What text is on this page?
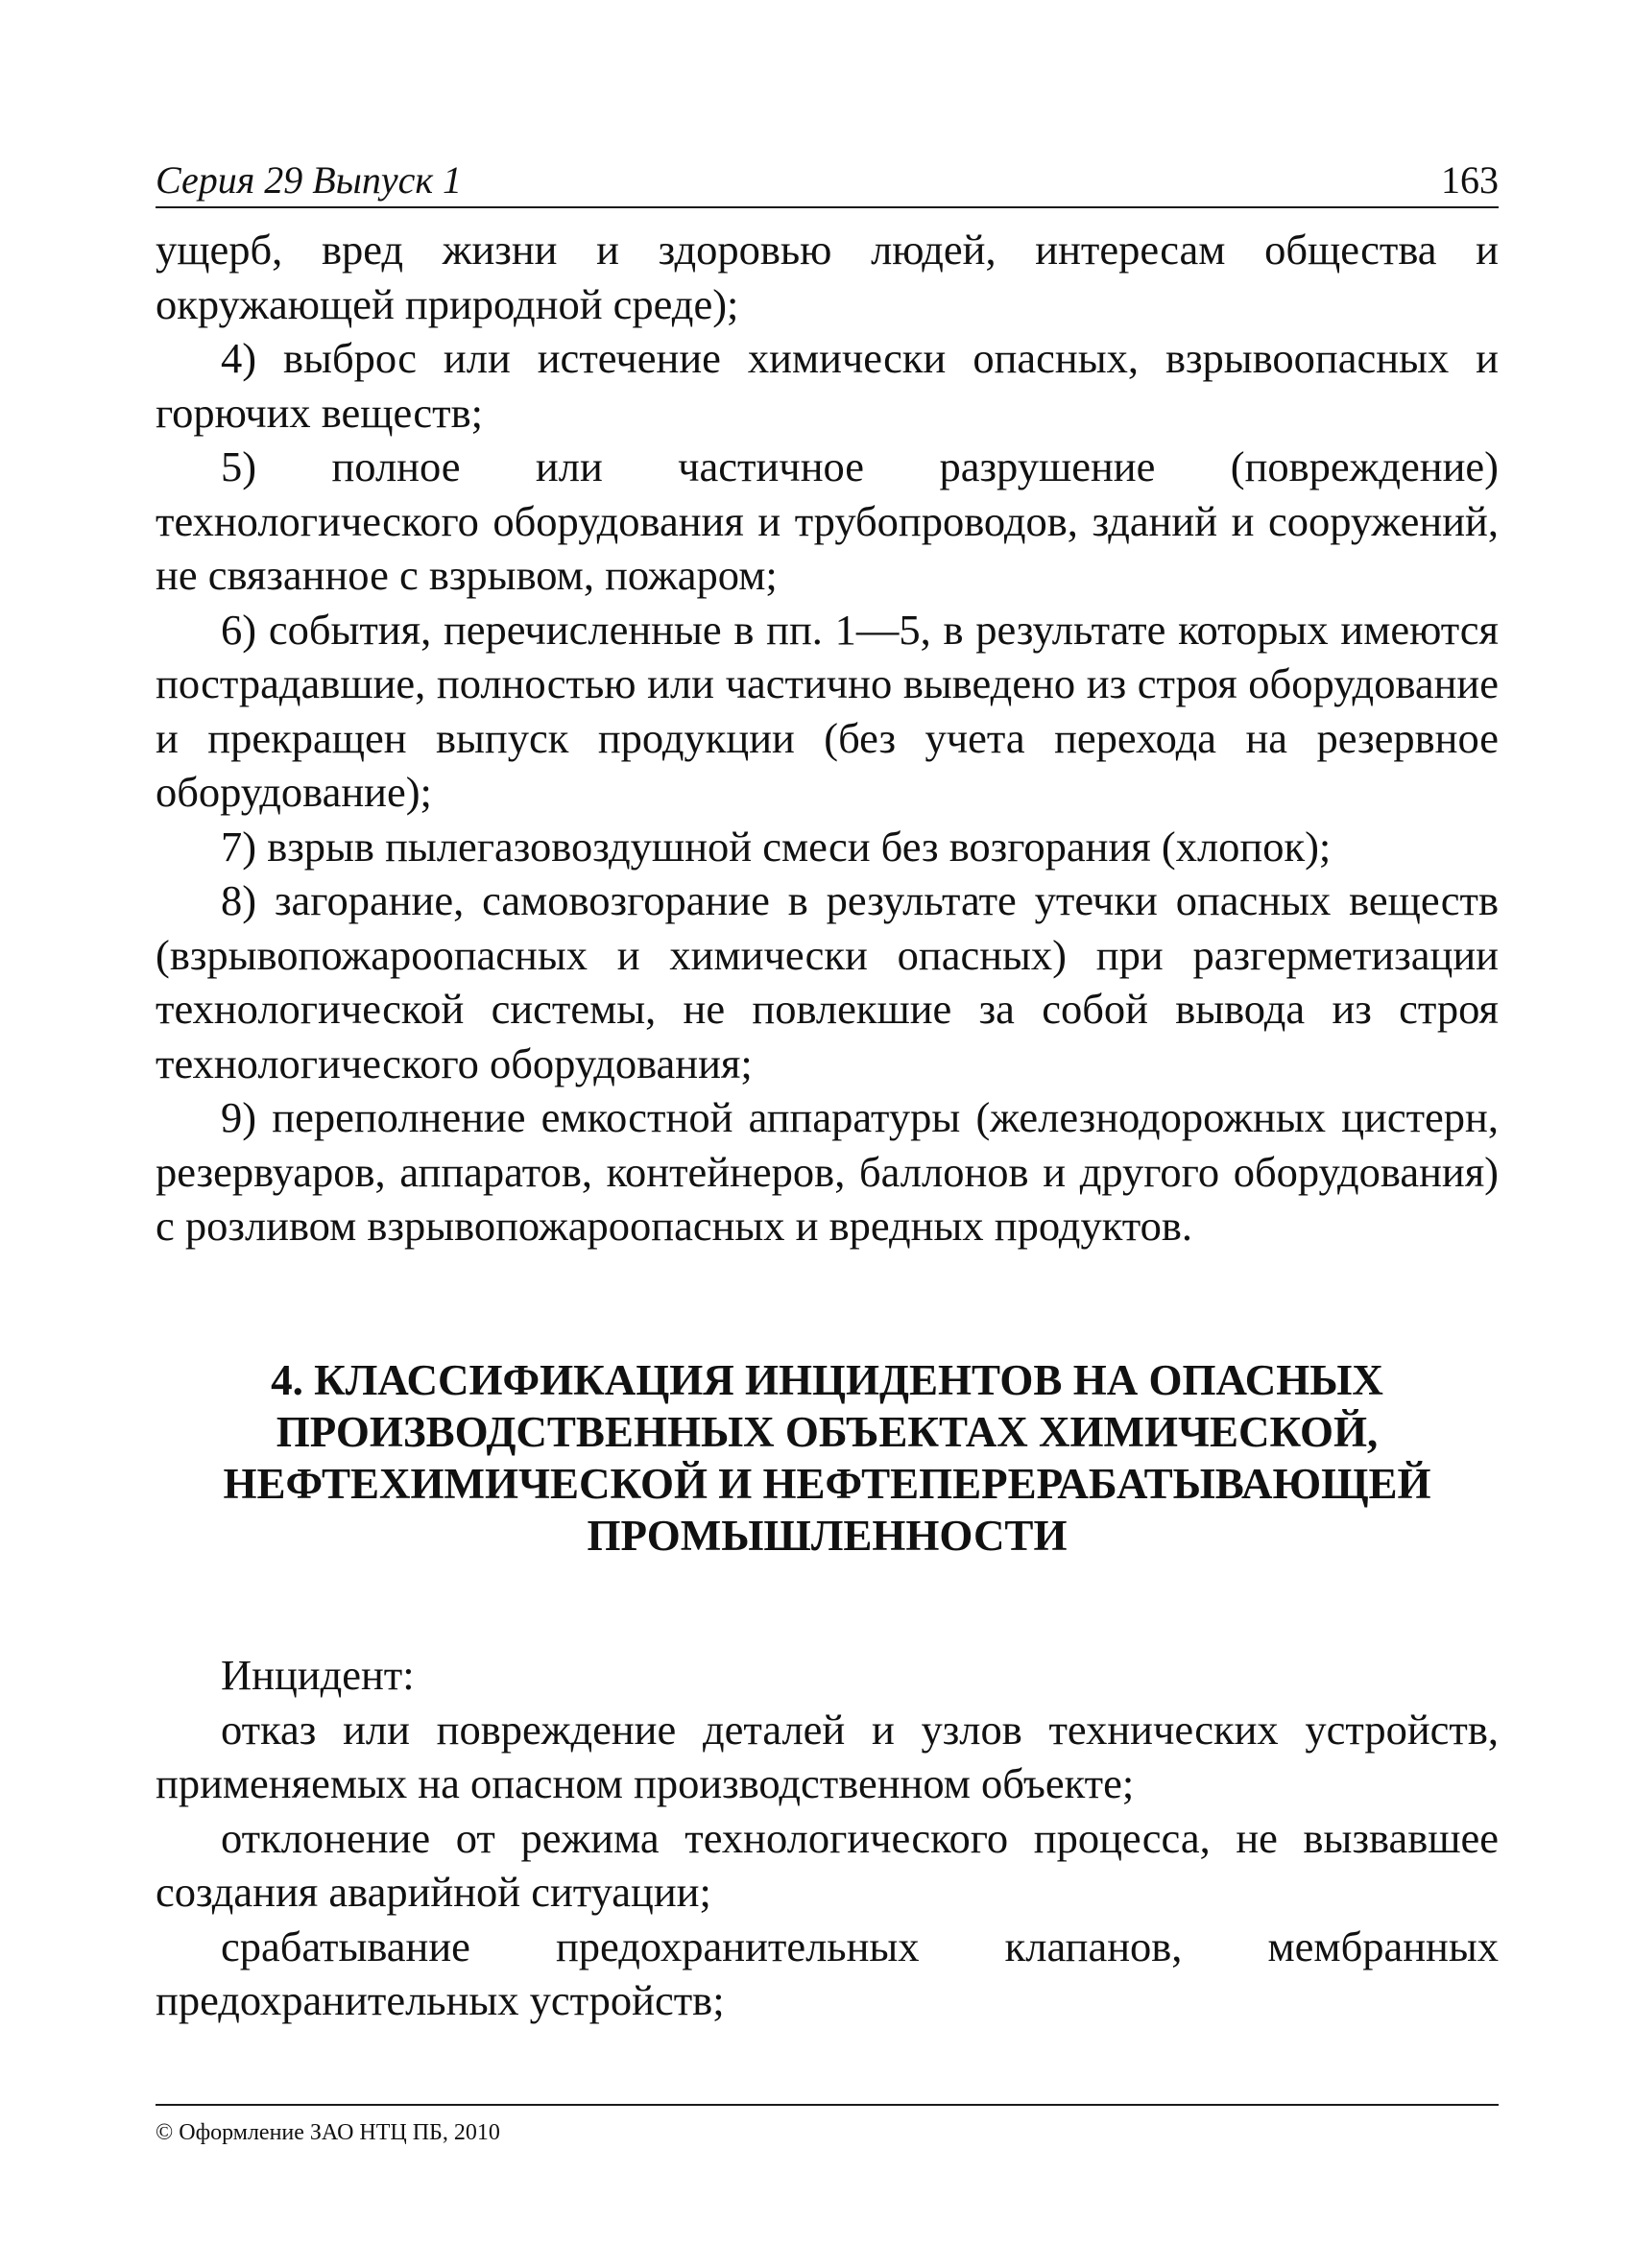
Серия 29 Выпуск 1	163

ущерб, вред жизни и здоровью людей, интересам общества и окружающей природной среде);

4) выброс или истечение химически опасных, взрывоопасных и горючих веществ;

5) полное или частичное разрушение (повреждение) технологического оборудования и трубопроводов, зданий и сооружений, не связанное с взрывом, пожаром;

6) события, перечисленные в пп. 1—5, в результате которых имеются пострадавшие, полностью или частично выведено из строя оборудование и прекращен выпуск продукции (без учета перехода на резервное оборудование);

7) взрыв пылегазовоздушной смеси без возгорания (хлопок);

8) загорание, самовозгорание в результате утечки опасных веществ (взрывопожароопасных и химически опасных) при разгерметизации технологической системы, не повлекшие за собой вывода из строя технологического оборудования;

9) переполнение емкостной аппаратуры (железнодорожных цистерн, резервуаров, аппаратов, контейнеров, баллонов и другого оборудования) с розливом взрывопожароопасных и вредных продуктов.

4. КЛАССИФИКАЦИЯ ИНЦИДЕНТОВ НА ОПАСНЫХ
ПРОИЗВОДСТВЕННЫХ ОБЪЕКТАХ ХИМИЧЕСКОЙ,
НЕФТЕХИМИЧЕСКОЙ И НЕФТЕПЕРЕРАБАТЫВАЮЩЕЙ
ПРОМЫШЛЕННОСТИ

Инцидент:

отказ или повреждение деталей и узлов технических устройств, применяемых на опасном производственном объекте;

отклонение от режима технологического процесса, не вызвавшее создания аварийной ситуации;

срабатывание предохранительных клапанов, мембранных предохранительных устройств;

© Оформление ЗАО НТЦ ПБ, 2010
